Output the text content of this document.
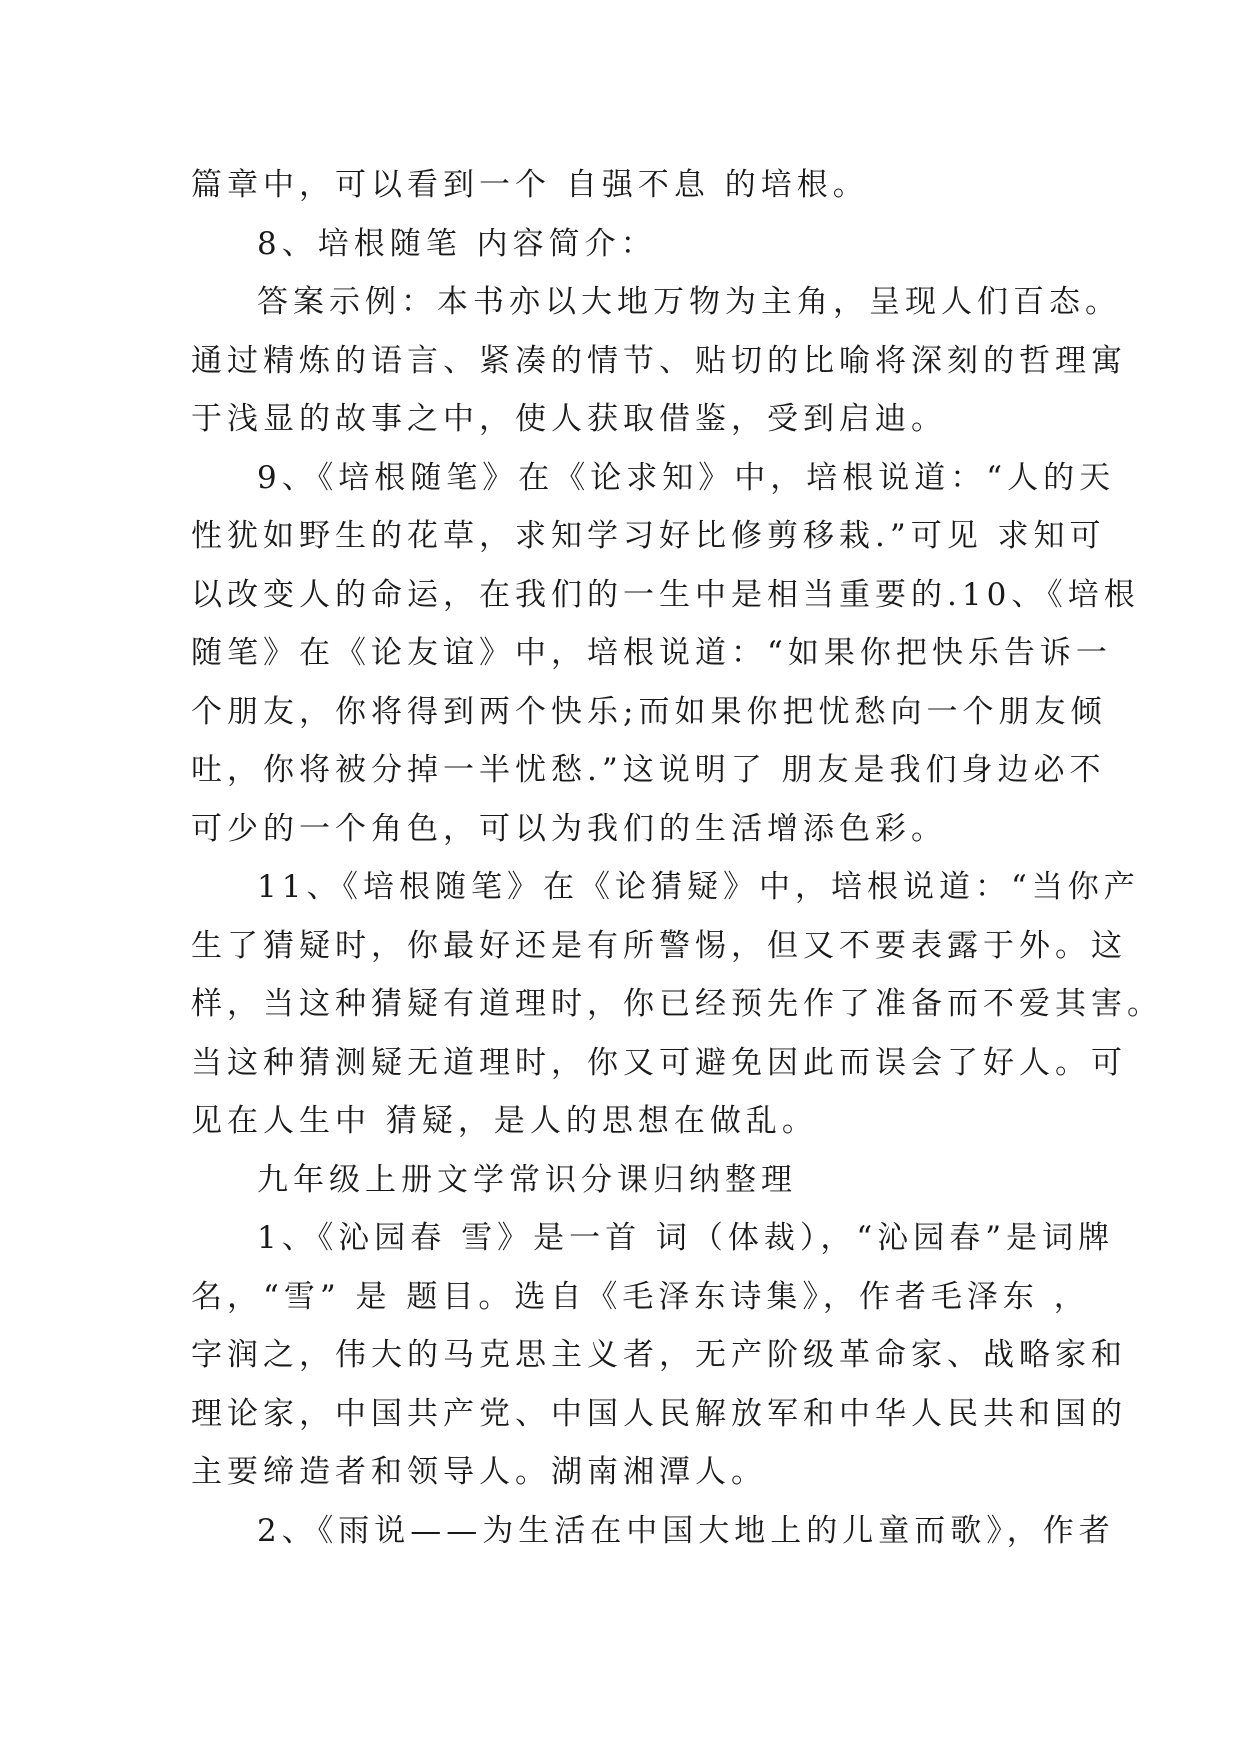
篇章中，可以看到一个 自强不息 的培根。
8、培根随笔 内容简介：
答案示例：本书亦以大地万物为主角，呈现人们百态。
通过精炼的语言、紧凑的情节、贴切的比喻将深刻的哲理寓
于浅显的故事之中，使人获取借鉴，受到启迪。
9、《培根随笔》在《论求知》中，培根说道：“人的天
性犹如野生的花草，求知学习好比修剪移栽.”可见 求知可
以改变人的命运，在我们的一生中是相当重要的.10、《培根
随笔》在《论友谊》中，培根说道：“如果你把快乐告诉一
个朋友，你将得到两个快乐;而如果你把忧愁向一个朋友倾
吐，你将被分掉一半忧愁.”这说明了 朋友是我们身边必不
可少的一个角色，可以为我们的生活增添色彩。
11、《培根随笔》在《论猜疑》中，培根说道：“当你产
生了猜疑时，你最好还是有所警惕，但又不要表露于外。这
样，当这种猜疑有道理时，你已经预先作了准备而不爱其害。
当这种猜测疑无道理时，你又可避免因此而误会了好人。可
见在人生中 猜疑，是人的思想在做乱。
九年级上册文学常识分课归纳整理
1、《沁园春 雪》是一首 词（体裁），“沁园春”是词牌
名，“雪” 是 题目。选自《毛泽东诗集》，作者毛泽东 ，
字润之，伟大的马克思主义者，无产阶级革命家、战略家和
理论家，中国共产党、中国人民解放军和中华人民共和国的
主要缔造者和领导人。湖南湘潭人。
2、《雨说——为生活在中国大地上的儿童而歌》，作者
